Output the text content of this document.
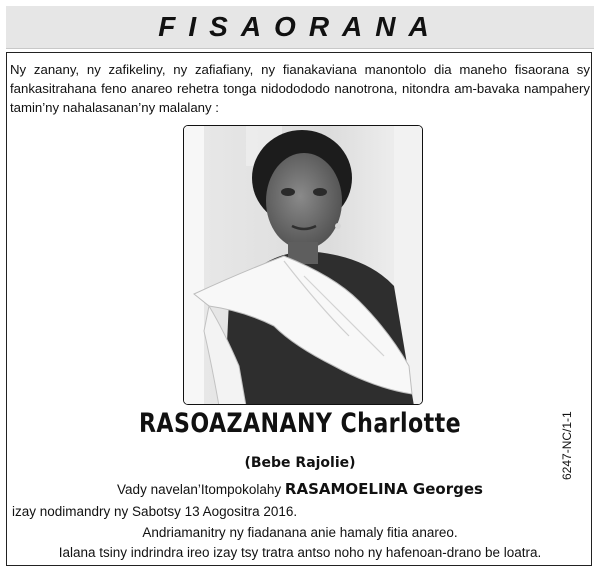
FISAORANA
Ny zanany, ny zafikeliny, ny zafiafiany, ny fianakaviana manontolo dia maneho fisaorana sy fankasitrahana feno anareo rehetra tonga nidodododo nanotrona, nitondra am-bavaka nampahery tamin’ny nahalasanan’ny malalany :
RASOAZANANY Charlotte
(Bebe Rajolie)
Vady navelan’Itompokolahy RASAMOELINA Georges
izay nodimandry ny Sabotsy 13 Aogositra 2016.
Andriamanitry ny fiadanana anie hamaly fitia anareo.
Ialana tsiny indrindra ireo izay tsy tratra antso noho ny hafenoan-drano be loatra.
6247-NC/1-1
